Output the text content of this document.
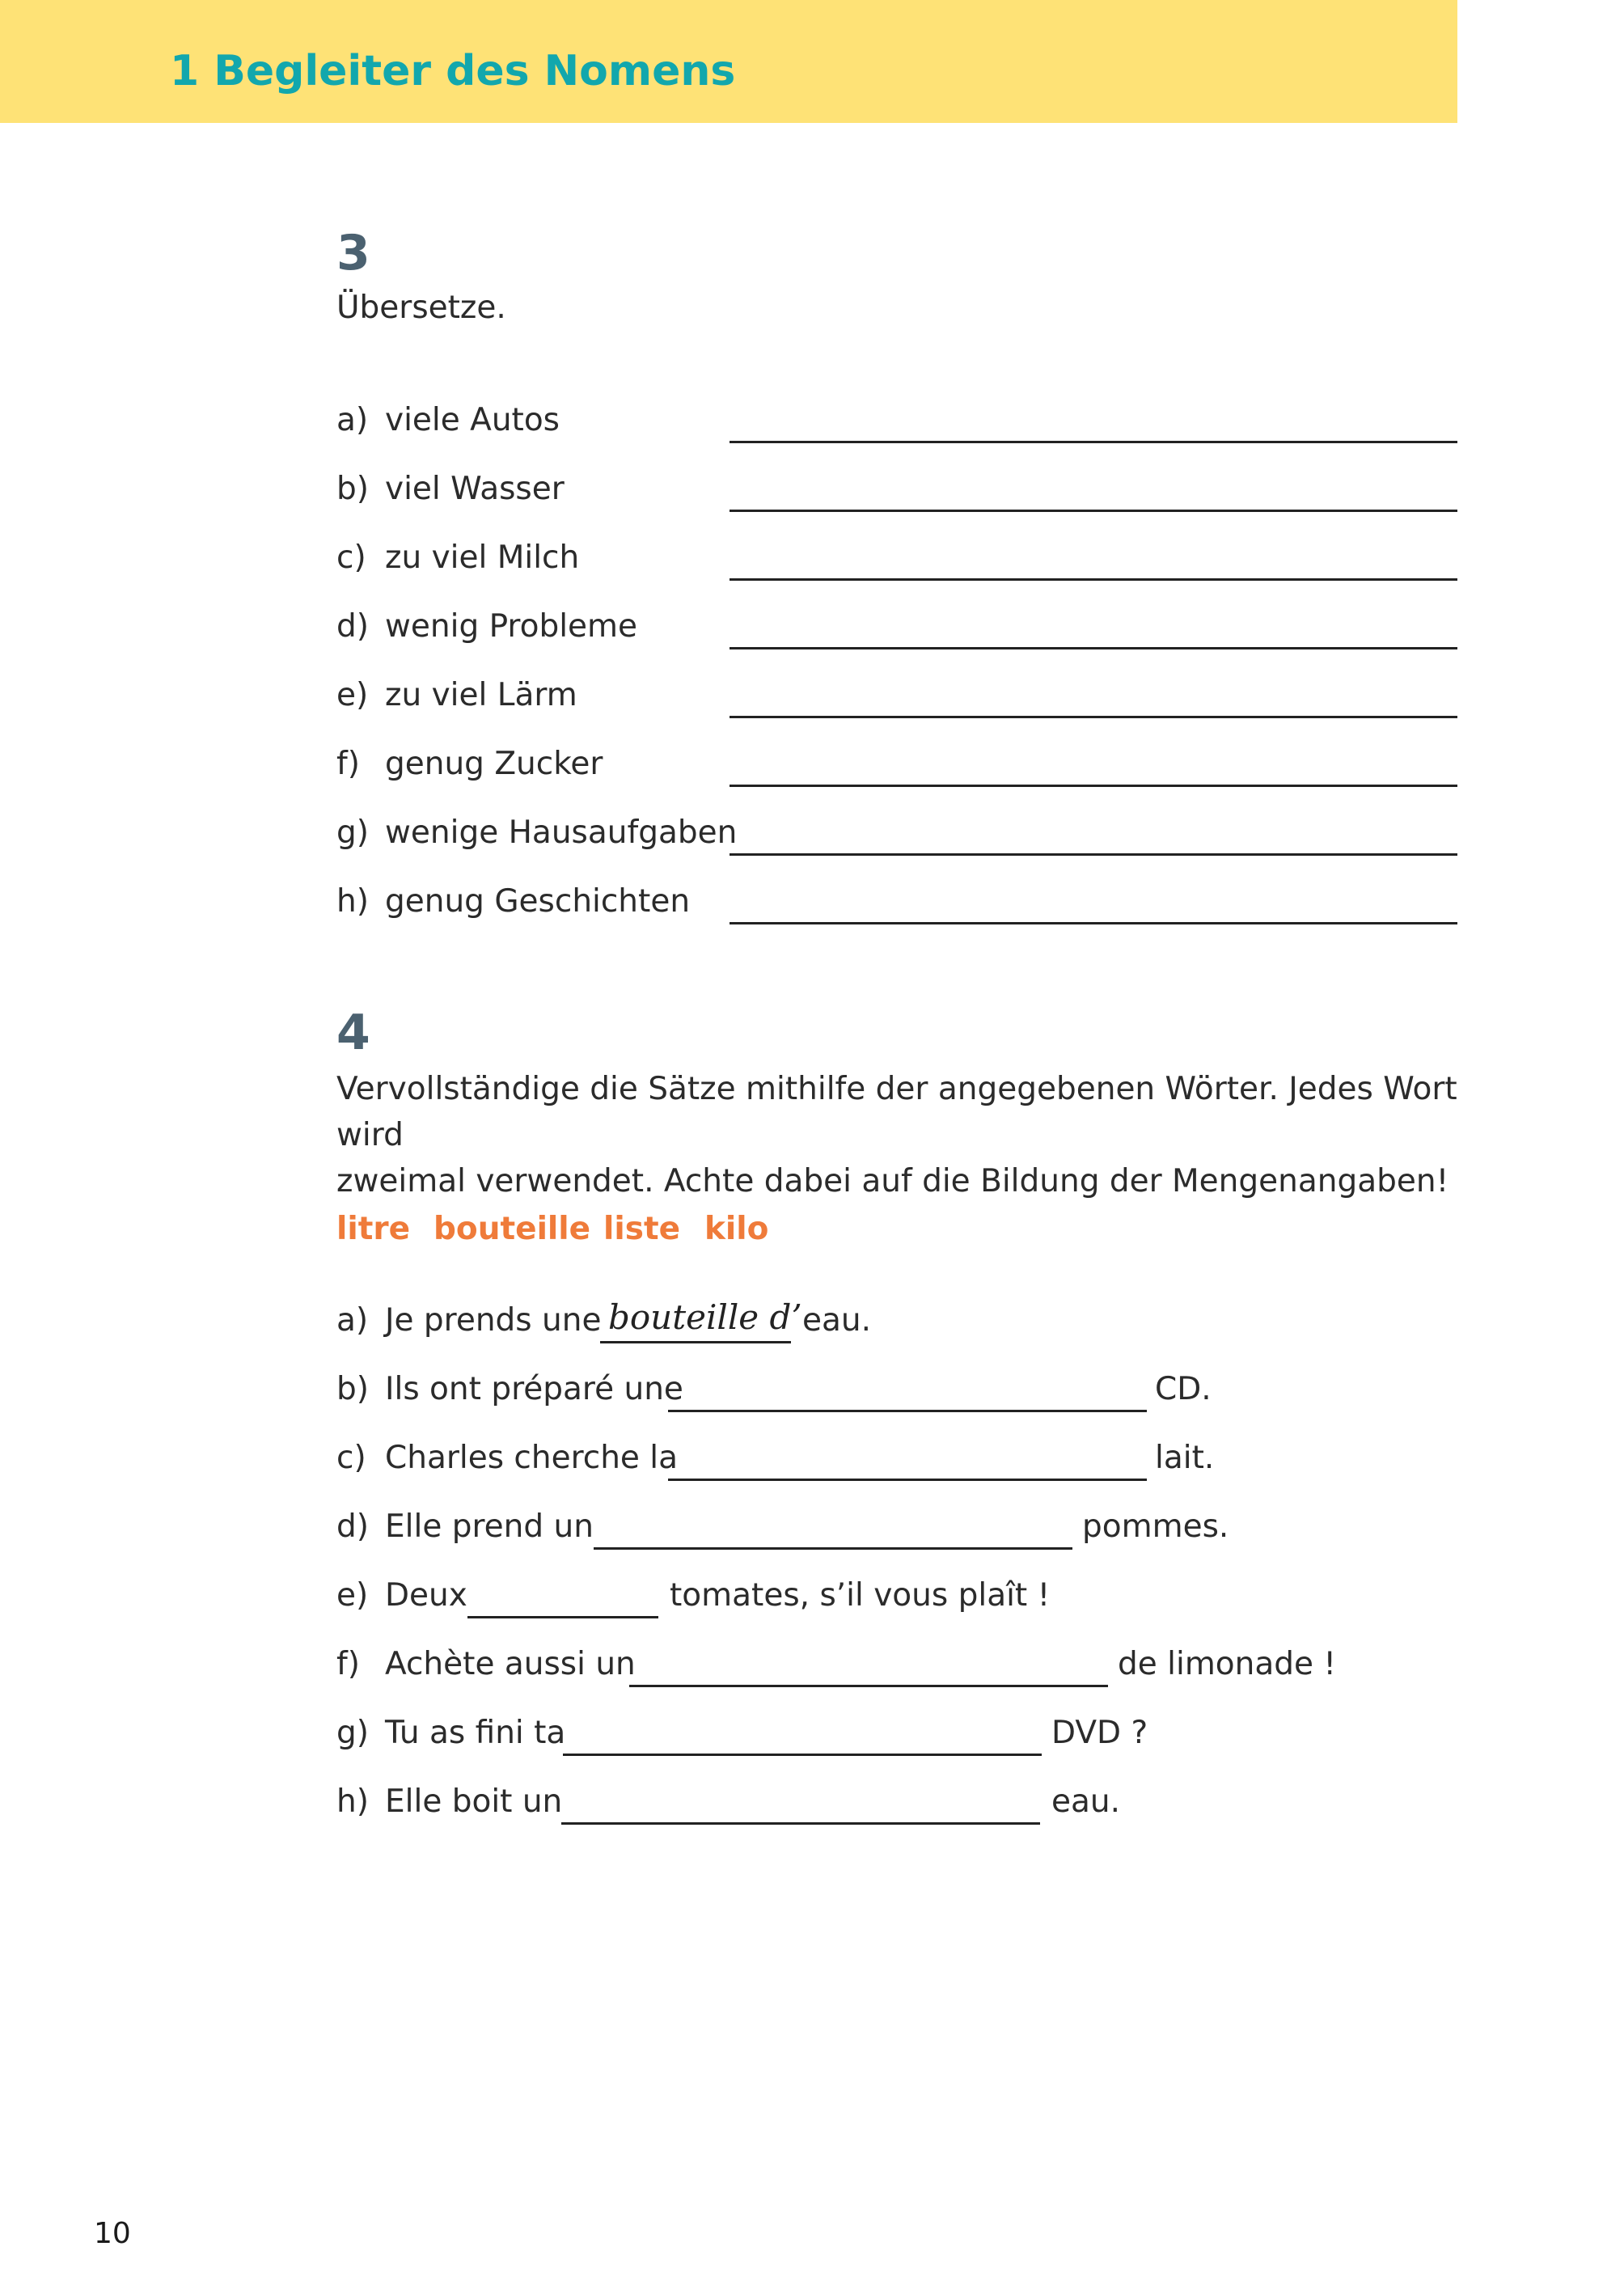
1 Begleiter des Nomens
3

Übersetze.

a) viele Autos
b) viel Wasser
c) zu viel Milch
d) wenig Probleme
e) zu viel Lärm
f) genug Zucker
g) wenige Hausaufgaben
h) genug Geschichten
4

Vervollständige die Sätze mithilfe der angegebenen Wörter. Jedes Wort wird
zweimal verwendet. Achte dabei auf die Bildung der Mengenangaben!

litre bouteille liste kilo
a) Je prends une bouteille d’ eau.
b) Ils ont préparé une	CD.
c) Charles cherche la	lait.
d) Elle prend un	pommes.
e) Deux	tomates, s’il vous plaît !
f) Achète aussi un	de limonade !
g) Tu as fini ta	DVD ?
h) Elle boit un	eau.

10
